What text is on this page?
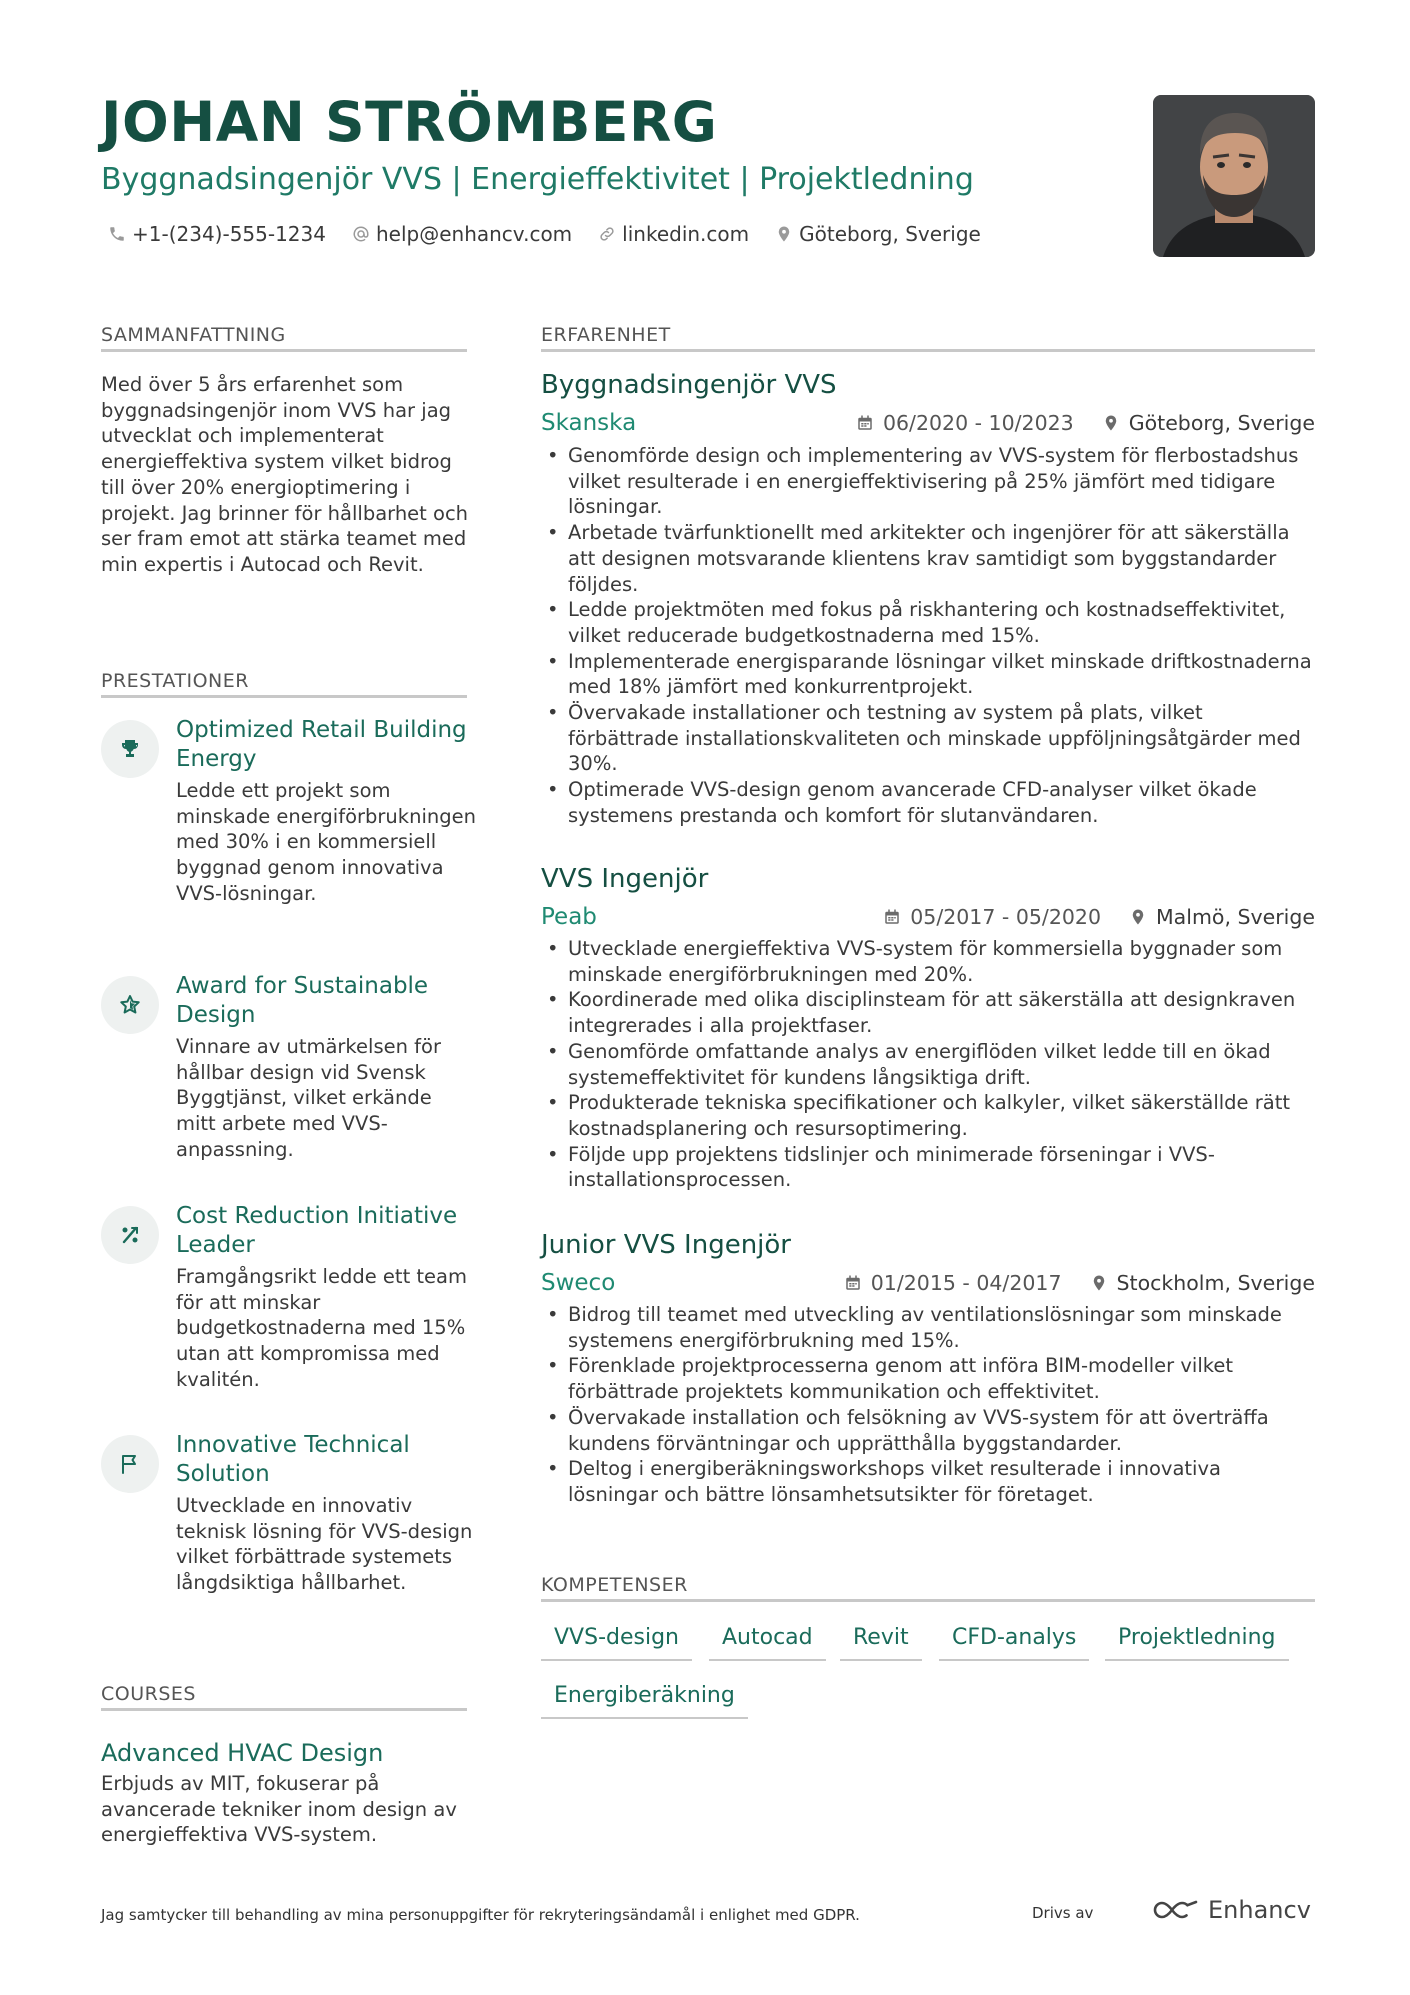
JOHAN STRÖMBERG
Byggnadsingenjör VVS | Energieffektivitet | Projektledning
+1-(234)-555-1234	help@enhancv.com	linkedin.com	Göteborg, Sverige
SAMMANFATTNING
Med över 5 års erfarenhet som byggnadsingenjör inom VVS har jag utvecklat och implementerat energieffektiva system vilket bidrog till över 20% energioptimering i projekt. Jag brinner för hållbarhet och ser fram emot att stärka teamet med min expertis i Autocad och Revit.
PRESTATIONER
Optimized Retail Building Energy
Ledde ett projekt som minskade energiförbrukningen med 30% i en kommersiell byggnad genom innovativa VVS-lösningar.
Award for Sustainable Design
Vinnare av utmärkelsen för hållbar design vid Svensk Byggtjänst, vilket erkände mitt arbete med VVS-anpassning.
Cost Reduction Initiative Leader
Framgångsrikt ledde ett team för att minskar budgetkostnaderna med 15% utan att kompromissa med kvalitén.
Innovative Technical Solution
Utvecklade en innovativ teknisk lösning för VVS-design vilket förbättrade systemets långdsiktiga hållbarhet.
COURSES
Advanced HVAC Design
Erbjuds av MIT, fokuserar på avancerade tekniker inom design av energieffektiva VVS-system.
ERFARENHET
Byggnadsingenjör VVS
Skanska	06/2020 - 10/2023	Göteborg, Sverige
• Genomförde design och implementering av VVS-system för flerbostadshus vilket resulterade i en energieffektivisering på 25% jämfört med tidigare lösningar.
• Arbetade tvärfunktionellt med arkitekter och ingenjörer för att säkerställa att designen motsvarande klientens krav samtidigt som byggstandarder följdes.
• Ledde projektmöten med fokus på riskhantering och kostnadseffektivitet, vilket reducerade budgetkostnaderna med 15%.
• Implementerade energisparande lösningar vilket minskade driftkostnaderna med 18% jämfört med konkurrentprojekt.
• Övervakade installationer och testning av system på plats, vilket förbättrade installationskvaliteten och minskade uppföljningsåtgärder med 30%.
• Optimerade VVS-design genom avancerade CFD-analyser vilket ökade systemens prestanda och komfort för slutanvändaren.
VVS Ingenjör
Peab	05/2017 - 05/2020	Malmö, Sverige
• Utvecklade energieffektiva VVS-system för kommersiella byggnader som minskade energiförbrukningen med 20%.
• Koordinerade med olika disciplinsteam för att säkerställa att designkraven integrerades i alla projektfaser.
• Genomförde omfattande analys av energiflöden vilket ledde till en ökad systemeffektivitet för kundens långsiktiga drift.
• Produkterade tekniska specifikationer och kalkyler, vilket säkerställde rätt kostnadsplanering och resursoptimering.
• Följde upp projektens tidslinjer och minimerade förseningar i VVS-installationsprocessen.
Junior VVS Ingenjör
Sweco	01/2015 - 04/2017	Stockholm, Sverige
• Bidrog till teamet med utveckling av ventilationslösningar som minskade systemens energiförbrukning med 15%.
• Förenklade projektprocesserna genom att införa BIM-modeller vilket förbättrade projektets kommunikation och effektivitet.
• Övervakade installation och felsökning av VVS-system för att överträffa kundens förväntningar och upprätthålla byggstandarder.
• Deltog i energiberäkningsworkshops vilket resulterade i innovativa lösningar och bättre lönsamhetsutsikter för företaget.
KOMPETENSER
VVS-design	Autocad	Revit	CFD-analys	Projektledning
Energiberäkning
Jag samtycker till behandling av mina personuppgifter för rekryteringsändamål i enlighet med GDPR.	Drivs av	Enhancv
